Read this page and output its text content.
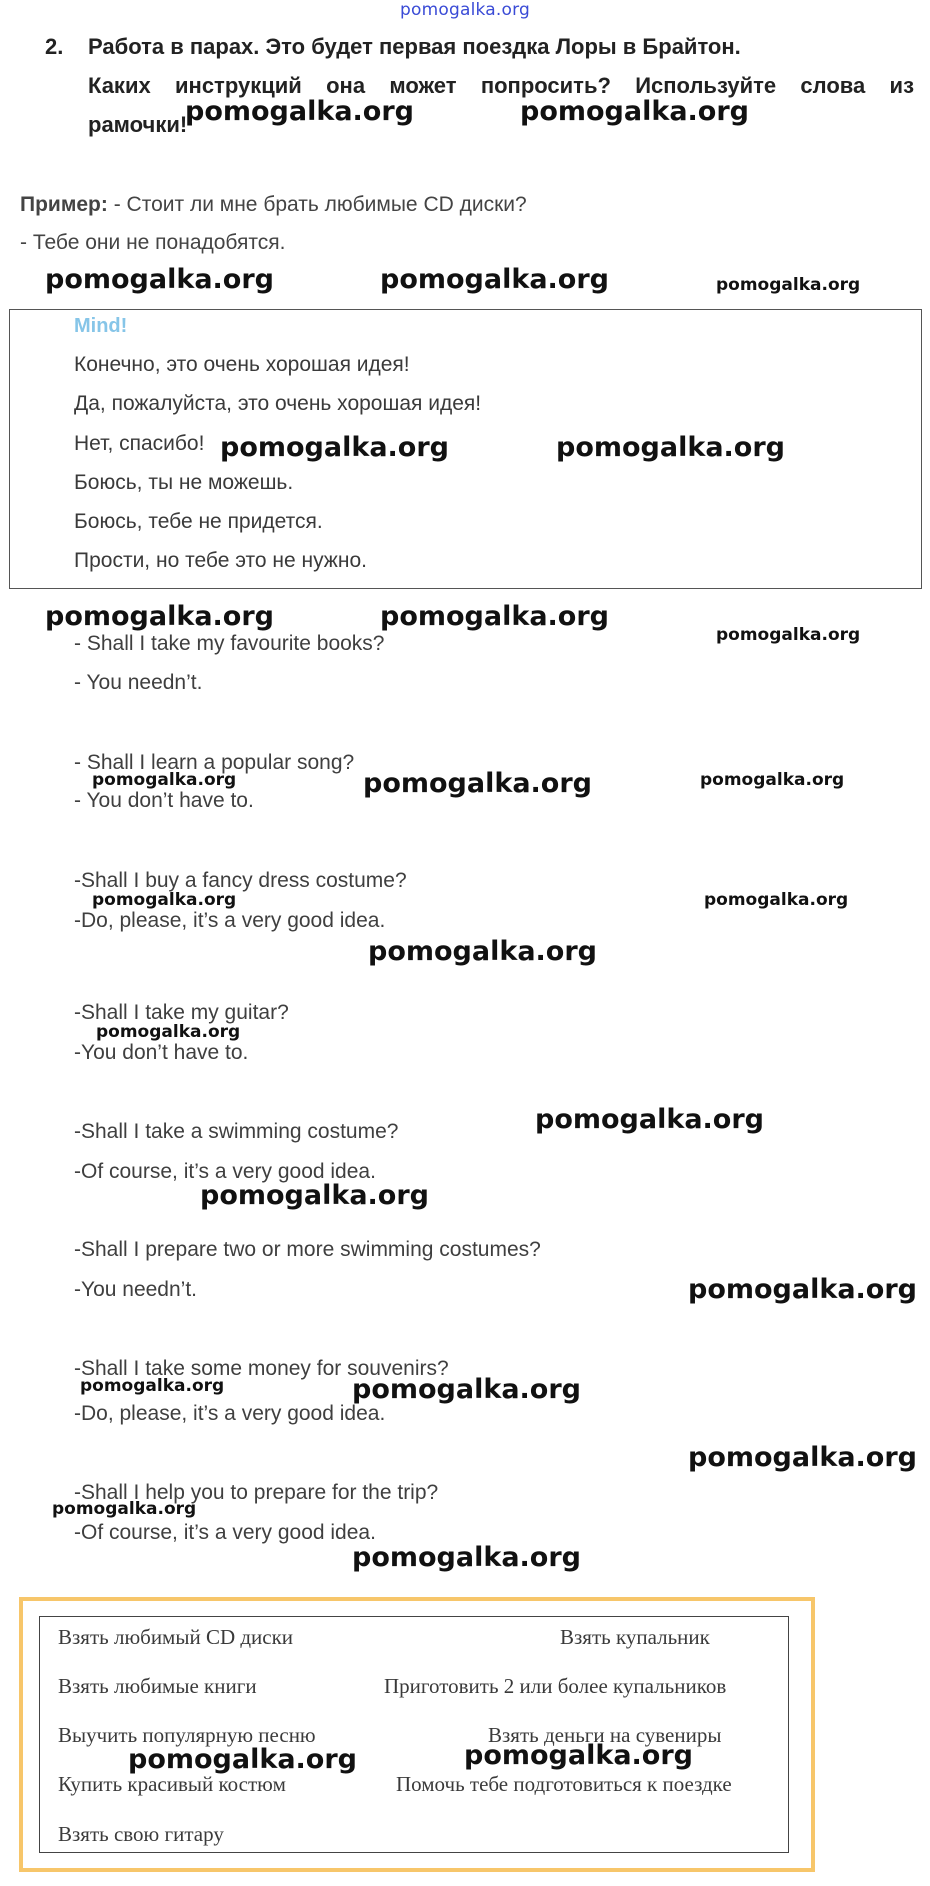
pomogalka.org
2. Работа в парах. Это будет первая поездка Лоры в Брайтон.
Каких инструкций она может попросить? Используйте слова из
рамочки!
Пример: - Стоит ли мне брать любимые CD диски?
- Тебе они не понадобятся.
Mind!
Конечно, это очень хорошая идея!
Да, пожалуйста, это очень хорошая идея!
Нет, спасибо!
Боюсь, ты не можешь.
Боюсь, тебе не придется.
Прости, но тебе это не нужно.
- Shall I take my favourite books?
- You needn’t.
- Shall I learn a popular song?
- You don’t have to.
-Shall I buy a fancy dress costume?
-Do, please, it’s a very good idea.
-Shall I take my guitar?
-You don’t have to.
-Shall I take a swimming costume?
-Of course, it’s a very good idea.
-Shall I prepare two or more swimming costumes?
-You needn’t.
-Shall I take some money for souvenirs?
-Do, please, it’s a very good idea.
-Shall I help you to prepare for the trip?
-Of course, it’s a very good idea.
Взять любимый CD диски
Взять любимые книги
Выучить популярную песню
Купить красивый костюм
Взять свою гитару
Взять купальник
Приготовить 2 или более купальников
Взять деньги на сувениры
Помочь тебе подготовиться к поездке
pomogalka.org	pomogalka.org
pomogalka.org	pomogalka.org	pomogalka.org
pomogalka.org	pomogalka.org
pomogalka.org	pomogalka.org
pomogalka.org
pomogalka.org	pomogalka.org	pomogalka.org
pomogalka.org	pomogalka.org
pomogalka.org
pomogalka.org
pomogalka.org
pomogalka.org
pomogalka.org
pomogalka.org	pomogalka.org
pomogalka.org
pomogalka.org
pomogalka.org
pomogalka.org	pomogalka.org
